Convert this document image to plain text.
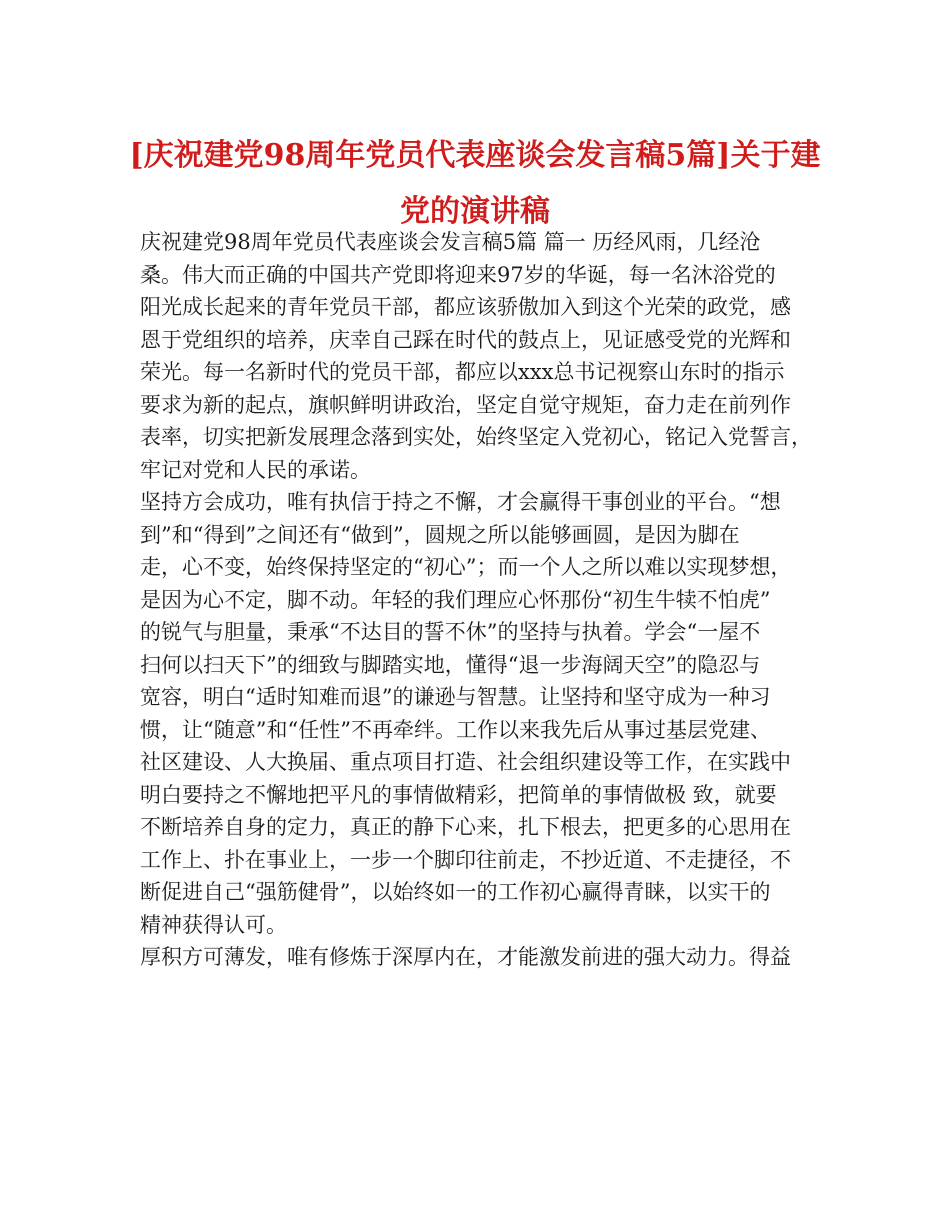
[庆祝建党98周年党员代表座谈会发言稿5篇]关于建
党的演讲稿
庆祝建党98周年党员代表座谈会发言稿5篇 篇一 历经风雨，几经沧
桑。伟大而正确的中国共产党即将迎来97岁的华诞，每一名沐浴党的
阳光成长起来的青年党员干部，都应该骄傲加入到这个光荣的政党，感
恩于党组织的培养，庆幸自己踩在时代的鼓点上，见证感受党的光辉和
荣光。每一名新时代的党员干部，都应以xxx总书记视察山东时的指示
要求为新的起点，旗帜鲜明讲政治，坚定自觉守规矩，奋力走在前列作
表率，切实把新发展理念落到实处，始终坚定入党初心，铭记入党誓言，
牢记对党和人民的承诺。
坚持方会成功，唯有执信于持之不懈，才会赢得干事创业的平台。“想
到”和“得到”之间还有“做到”，圆规之所以能够画圆，是因为脚在
走，心不变，始终保持坚定的“初心”；而一个人之所以难以实现梦想，
是因为心不定，脚不动。年轻的我们理应心怀那份“初生牛犊不怕虎”
的锐气与胆量，秉承“不达目的誓不休”的坚持与执着。学会“一屋不
扫何以扫天下”的细致与脚踏实地，懂得“退一步海阔天空”的隐忍与
宽容，明白“适时知难而退”的谦逊与智慧。让坚持和坚守成为一种习
惯，让“随意”和“任性”不再牵绊。工作以来我先后从事过基层党建、
社区建设、人大换届、重点项目打造、社会组织建设等工作，在实践中
明白要持之不懈地把平凡的事情做精彩，把简单的事情做极 致，就要
不断培养自身的定力，真正的静下心来，扎下根去，把更多的心思用在
工作上、扑在事业上，一步一个脚印往前走，不抄近道、不走捷径，不
断促进自己“强筋健骨”，以始终如一的工作初心赢得青睐，以实干的
精神获得认可。
厚积方可薄发，唯有修炼于深厚内在，才能激发前进的强大动力。得益
